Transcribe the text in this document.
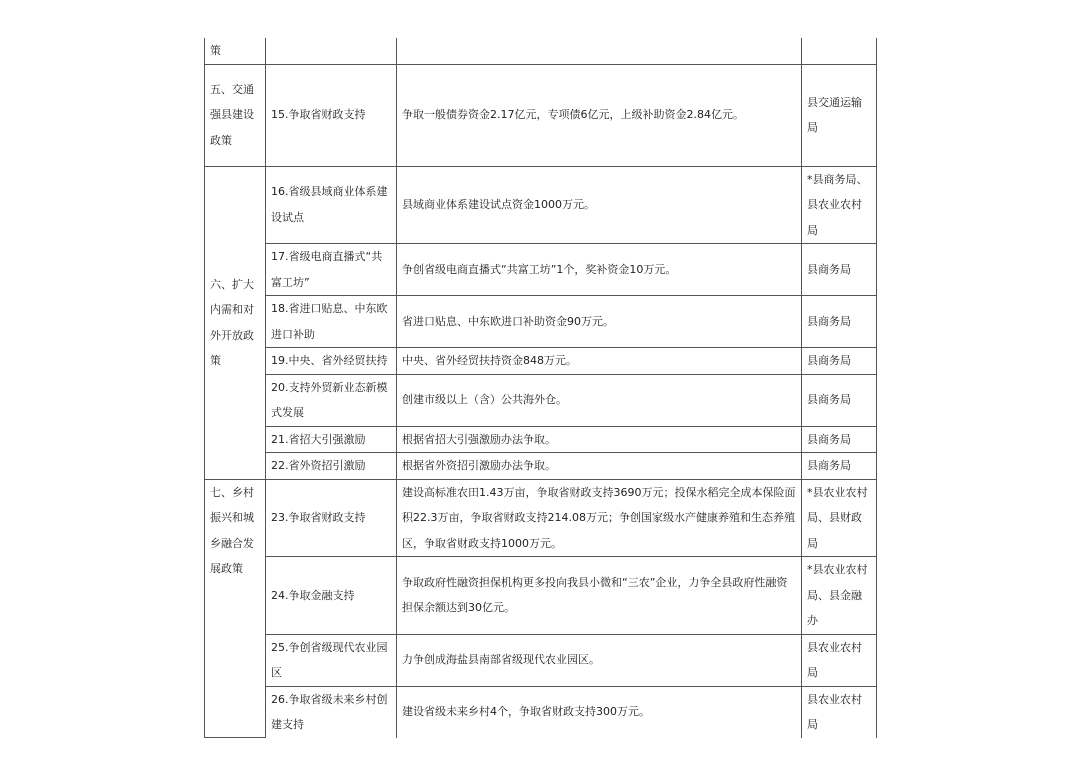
策			
五、交通强县建设政策	15.争取省财政支持	争取一般债券资金2.17亿元，专项债6亿元，上级补助资金2.84亿元。	县交通运输局
六、扩大内需和对外开放政策	16.省级县域商业体系建设试点	县域商业体系建设试点资金1000万元。	*县商务局、县农业农村局
	17.省级电商直播式“共富工坊”	争创省级电商直播式“共富工坊”1个，奖补资金10万元。	县商务局
	18.省进口贴息、中东欧进口补助	省进口贴息、中东欧进口补助资金90万元。	县商务局
	19.中央、省外经贸扶持	中央、省外经贸扶持资金848万元。	县商务局
	20.支持外贸新业态新模式发展	创建市级以上（含）公共海外仓。	县商务局
	21.省招大引强激励	根据省招大引强激励办法争取。	县商务局
	22.省外资招引激励	根据省外资招引激励办法争取。	县商务局
七、乡村振兴和城乡融合发展政策	23.争取省财政支持	建设高标准农田1.43万亩，争取省财政支持3690万元；投保水稻完全成本保险面积22.3万亩，争取省财政支持214.08万元；争创国家级水产健康养殖和生态养殖区，争取省财政支持1000万元。	*县农业农村局、县财政局
	24.争取金融支持	争取政府性融资担保机构更多投向我县小微和“三农”企业，力争全县政府性融资担保余额达到30亿元。	*县农业农村局、县金融办
	25.争创省级现代农业园区	力争创成海盐县南部省级现代农业园区。	县农业农村局
	26.争取省级未来乡村创建支持	建设省级未来乡村4个，争取省财政支持300万元。	县农业农村局
